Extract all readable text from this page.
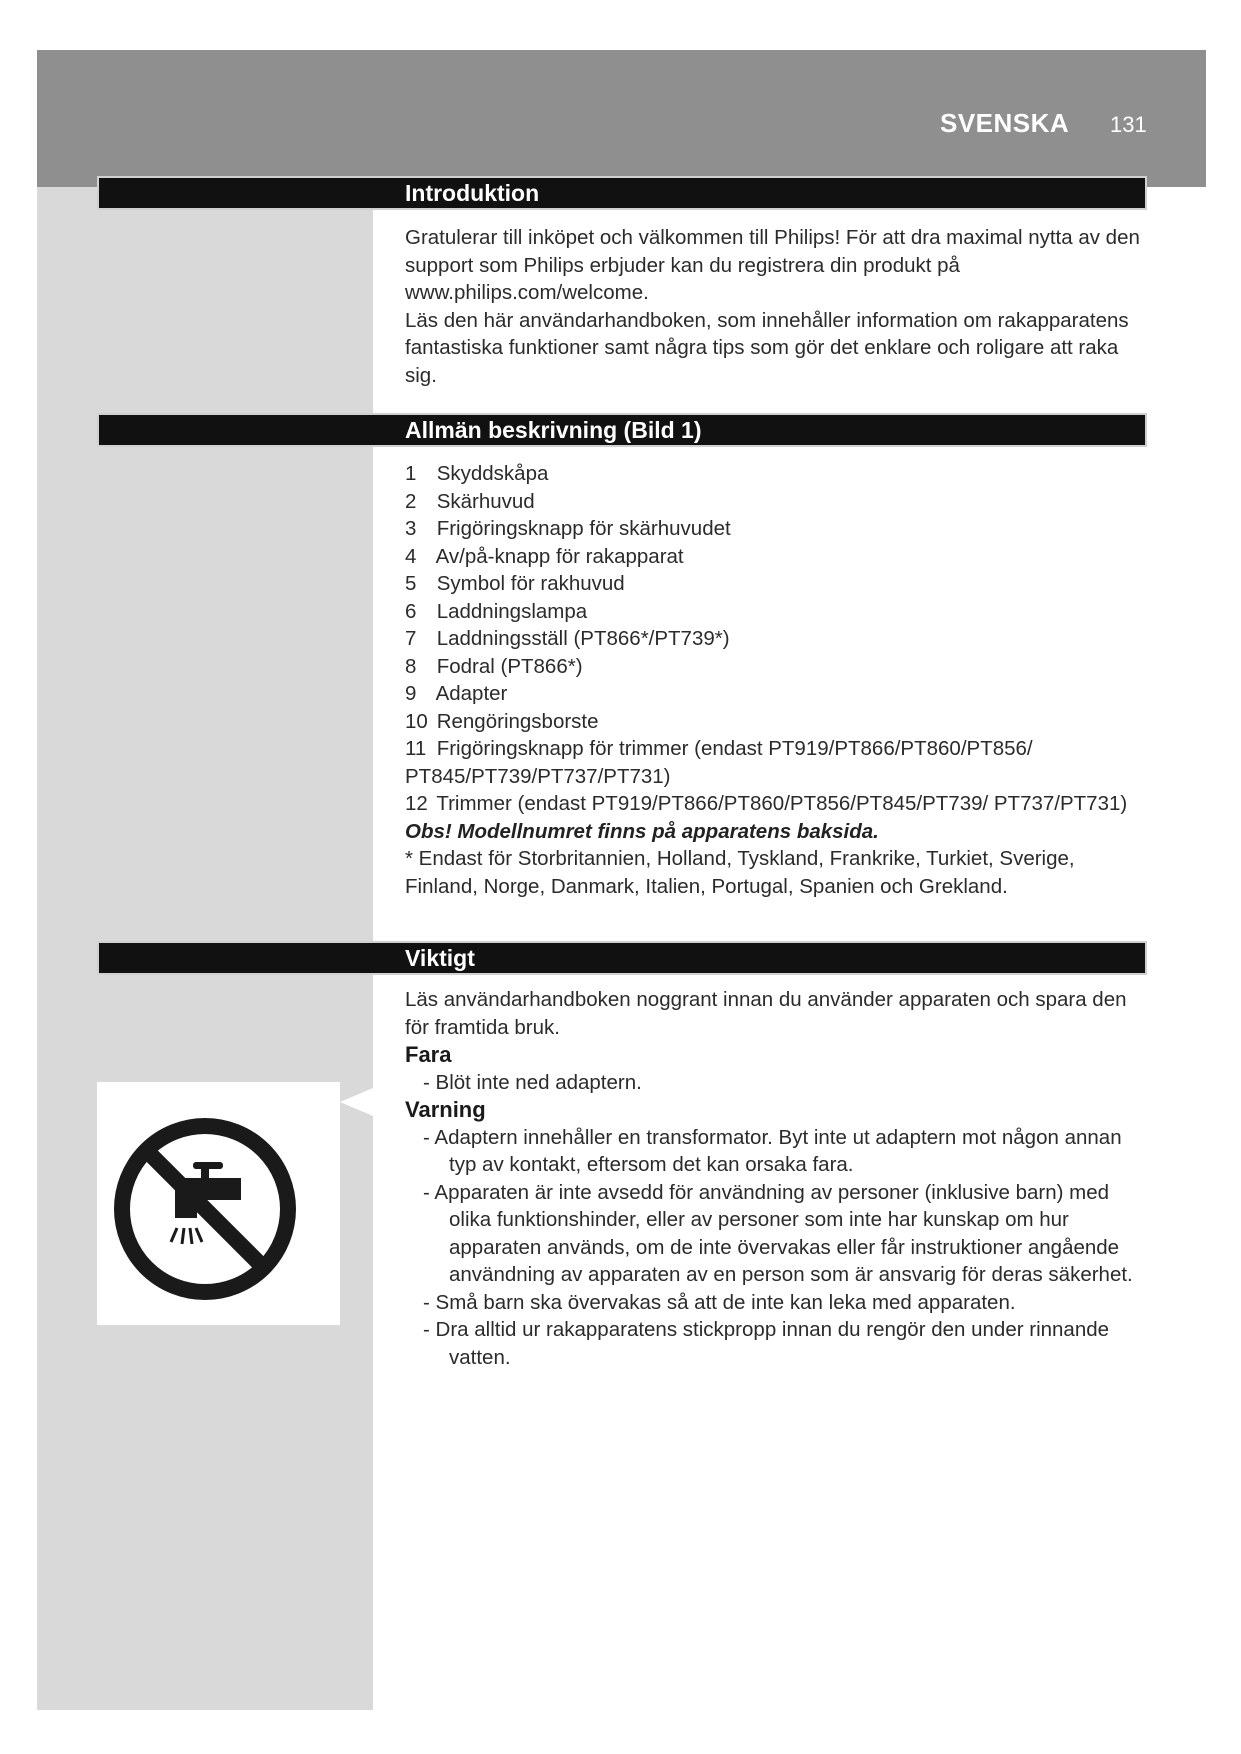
SVENSKA 131
Introduktion

Gratulerar till inköpet och välkommen till Philips! För att dra maximal nytta av den support som Philips erbjuder kan du registrera din produkt på www.philips.com/welcome.

Läs den här användarhandboken, som innehåller information om rakapparatens fantastiska funktioner samt några tips som gör det enklare och roligare att raka sig.

Allmän beskrivning (Bild 1)
1 Skyddskåpa
2 Skärhuvud
3 Frigöringsknapp för skärhuvudet
4 Av/på-knapp för rakapparat
5 Symbol för rakhuvud
6 Laddningslampa
7 Laddningsställ (PT866*/PT739*)
8 Fodral (PT866*)
9 Adapter
10 Rengöringsborste
11 Frigöringsknapp för trimmer (endast PT919/PT866/PT860/PT856/ PT845/PT739/PT737/PT731)
12 Trimmer (endast PT919/PT866/PT860/PT856/PT845/PT739/ PT737/PT731)

Obs! Modellnumret finns på apparatens baksida.

* Endast för Storbritannien, Holland, Tyskland, Frankrike, Turkiet, Sverige, Finland, Norge, Danmark, Italien, Portugal, Spanien och Grekland.

Viktigt

Läs användarhandboken noggrant innan du använder apparaten och spara den för framtida bruk.

Fara

- Blöt inte ned adaptern.

Varning

- Adaptern innehåller en transformator. Byt inte ut adaptern mot någon annan typ av kontakt, eftersom det kan orsaka fara.

- Apparaten är inte avsedd för användning av personer (inklusive barn) med olika funktionshinder, eller av personer som inte har kunskap om hur apparaten används, om de inte övervakas eller får instruktioner angående användning av apparaten av en person som är ansvarig för deras säkerhet.

- Små barn ska övervakas så att de inte kan leka med apparaten.

- Dra alltid ur rakapparatens stickpropp innan du rengör den under rinnande vatten.
